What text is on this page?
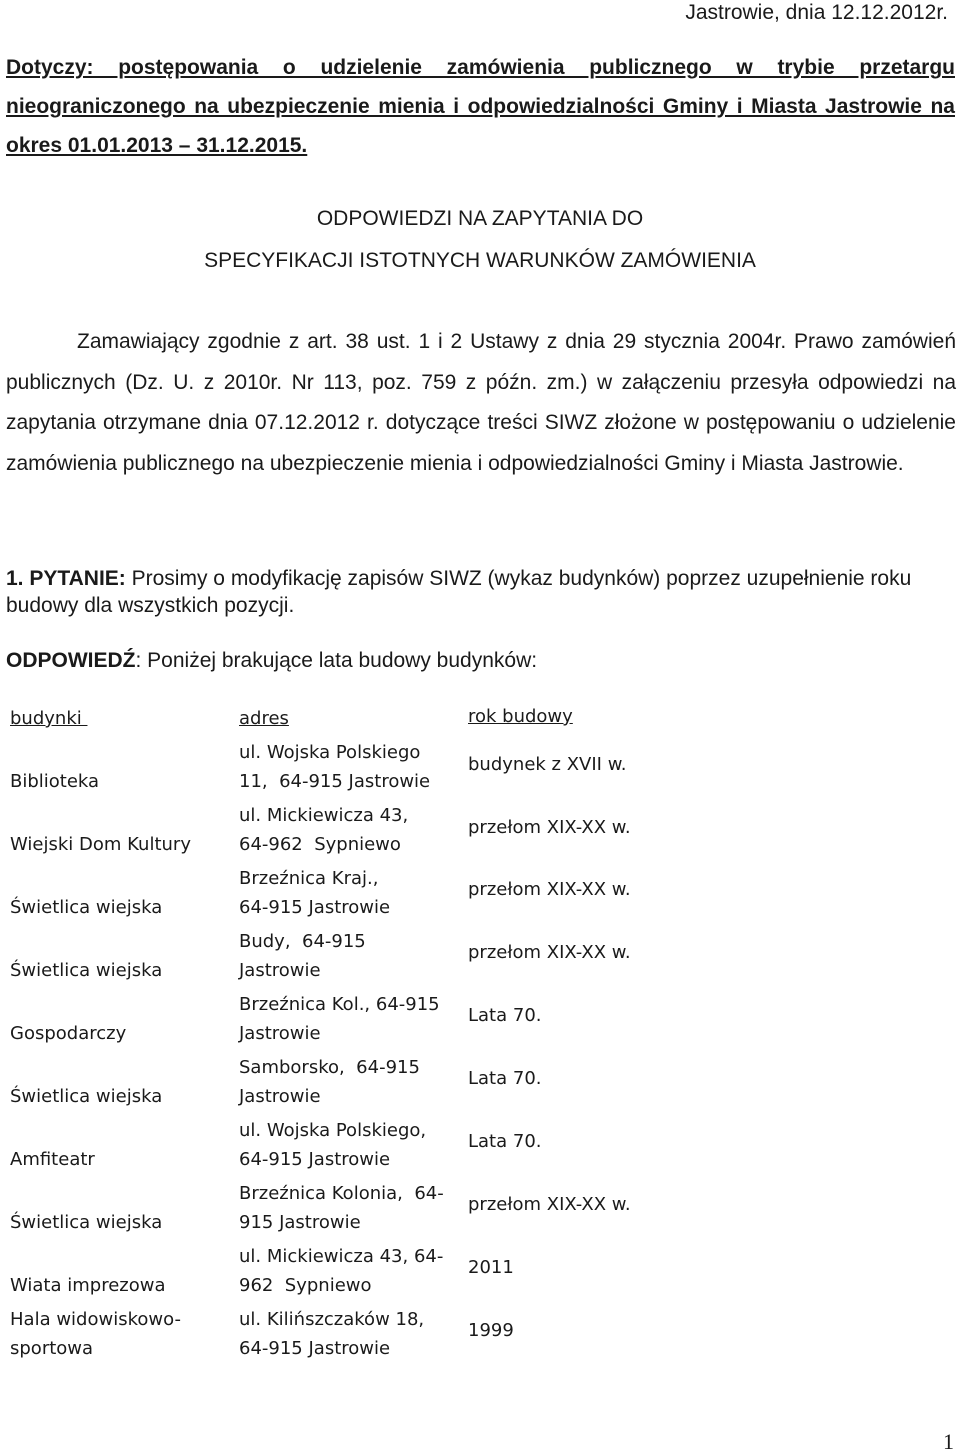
Jastrowie, dnia 12.12.2012r.
Dotyczy: postępowania o udzielenie zamówienia publicznego w trybie przetargu nieograniczonego na ubezpieczenie mienia i odpowiedzialności Gminy i Miasta Jastrowie na okres 01.01.2013 – 31.12.2015.
ODPOWIEDZI NA ZAPYTANIA DO
SPECYFIKACJI ISTOTNYCH WARUNKÓW ZAMÓWIENIA
Zamawiający zgodnie z art. 38 ust. 1 i 2 Ustawy z dnia 29 stycznia 2004r. Prawo zamówień publicznych (Dz. U. z 2010r. Nr 113, poz. 759 z późn. zm.) w załączeniu przesyła odpowiedzi na zapytania otrzymane dnia 07.12.2012 r. dotyczące treści SIWZ złożone w postępowaniu o udzielenie zamówienia publicznego na ubezpieczenie mienia i odpowiedzialności Gminy i Miasta Jastrowie.
1. PYTANIE: Prosimy o modyfikację zapisów SIWZ (wykaz budynków) poprzez uzupełnienie roku budowy dla wszystkich pozycji.
ODPOWIEDŹ: Poniżej brakujące lata budowy budynków:
budynki	adres	rok budowy
Biblioteka
ul. Wojska Polskiego
11,  64-915 Jastrowie
budynek z XVII w.
Wiejski Dom Kultury
ul. Mickiewicza 43,
64-962  Sypniewo
przełom XIX-XX w.
Świetlica wiejska
Brzeźnica Kraj.,
64-915 Jastrowie
przełom XIX-XX w.
Świetlica wiejska
Budy,  64-915
Jastrowie
przełom XIX-XX w.
Gospodarczy
Brzeźnica Kol., 64-915
Jastrowie
Lata 70.
Świetlica wiejska
Samborsko,  64-915
Jastrowie
Lata 70.
Amfiteatr
ul. Wojska Polskiego,
64-915 Jastrowie
Lata 70.
Świetlica wiejska
Brzeźnica Kolonia,  64-
915 Jastrowie
przełom XIX-XX w.
Wiata imprezowa
ul. Mickiewicza 43, 64-
962  Sypniewo
2011
Hala widowiskowo-
sportowa
ul. Kilińszczaków 18,
64-915 Jastrowie
1999
1
